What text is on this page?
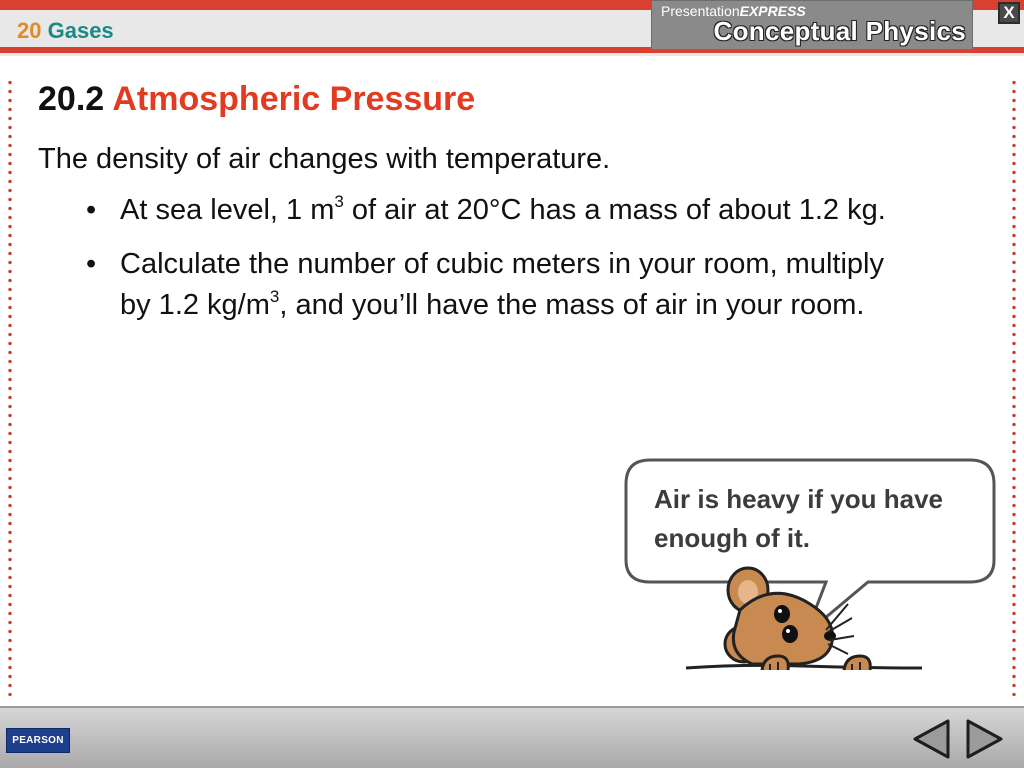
20 Gases
PresentationEXPRESS
Conceptual Physics
X
20.2 Atmospheric Pressure
The density of air changes with temperature.
• At sea level, 1 $m^3$ of air at 20°C has a mass of about 1.2 kg.
• Calculate the number of cubic meters in your room, multiply by 1.2 $kg/m^3$, and you’ll have the mass of air in your room.
Air is heavy if you have enough of it.
PEARSON
